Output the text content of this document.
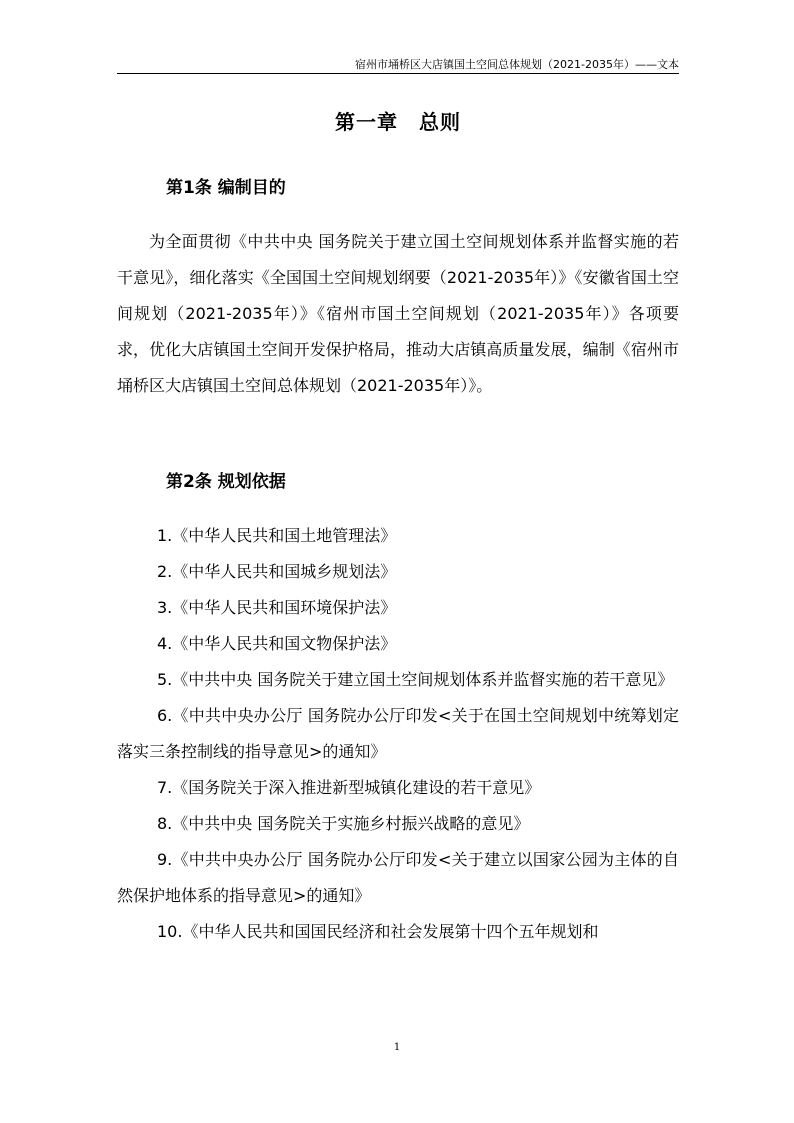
宿州市埇桥区大店镇国土空间总体规划（2021-2035年）——文本
第一章　总则
第1条 编制目的

为全面贯彻《中共中央 国务院关于建立国土空间规划体系并监督实施的若干意见》，细化落实《全国国土空间规划纲要（2021-2035年）》《安徽省国土空间规划（2021-2035年）》《宿州市国土空间规划（2021-2035年）》各项要求，优化大店镇国土空间开发保护格局，推动大店镇高质量发展，编制《宿州市埇桥区大店镇国土空间总体规划（2021-2035年）》。

第2条 规划依据
1.《中华人民共和国土地管理法》
2.《中华人民共和国城乡规划法》
3.《中华人民共和国环境保护法》
4.《中华人民共和国文物保护法》
5.《中共中央 国务院关于建立国土空间规划体系并监督实施的若干意见》
6.《中共中央办公厅 国务院办公厅印发<关于在国土空间规划中统筹划定落实三条控制线的指导意见>的通知》
7.《国务院关于深入推进新型城镇化建设的若干意见》
8.《中共中央 国务院关于实施乡村振兴战略的意见》
9.《中共中央办公厅 国务院办公厅印发<关于建立以国家公园为主体的自然保护地体系的指导意见>的通知》
10.《中华人民共和国国民经济和社会发展第十四个五年规划和
1
